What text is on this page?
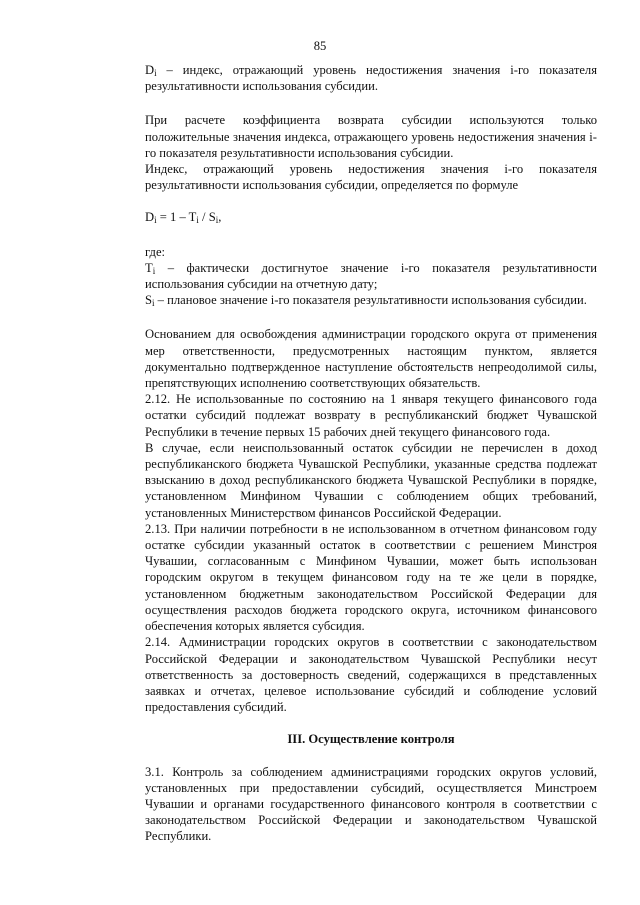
85

$D_i$ – индекс, отражающий уровень недостижения значения i-го показателя результативности использования субсидии.

При расчете коэффициента возврата субсидии используются только положительные значения индекса, отражающего уровень недостижения значения i-го показателя результативности использования субсидии.

Индекс, отражающий уровень недостижения значения i-го показателя результативности использования субсидии, определяется по формуле

$D_i = 1 - T_i / S_i$,

где:

$T_i$ – фактически достигнутое значение i-го показателя результативности использования субсидии на отчетную дату;

$S_i$ – плановое значение i-го показателя результативности использования субсидии.

Основанием для освобождения администрации городского округа от применения мер ответственности, предусмотренных настоящим пунктом, является документально подтвержденное наступление обстоятельств непреодолимой силы, препятствующих исполнению соответствующих обязательств.

2.12. Не использованные по состоянию на 1 января текущего финансового года остатки субсидий подлежат возврату в республиканский бюджет Чувашской Республики в течение первых 15 рабочих дней текущего финансового года.

В случае, если неиспользованный остаток субсидии не перечислен в доход республиканского бюджета Чувашской Республики, указанные средства подлежат взысканию в доход республиканского бюджета Чувашской Республики в порядке, установленном Минфином Чувашии с соблюдением общих требований, установленных Министерством финансов Российской Федерации.

2.13. При наличии потребности в не использованном в отчетном финансовом году остатке субсидии указанный остаток в соответствии с решением Минстроя Чувашии, согласованным с Минфином Чувашии, может быть использован городским округом в текущем финансовом году на те же цели в порядке, установленном бюджетным законодательством Российской Федерации для осуществления расходов бюджета городского округа, источником финансового обеспечения которых является субсидия.

2.14. Администрации городских округов в соответствии с законодательством Российской Федерации и законодательством Чувашской Республики несут ответственность за достоверность сведений, содержащихся в представленных заявках и отчетах, целевое использование субсидий и соблюдение условий предоставления субсидий.

III. Осуществление контроля

3.1. Контроль за соблюдением администрациями городских округов условий, установленных при предоставлении субсидий, осуществляется Минстроем Чувашии и органами государственного финансового контроля в соответствии с законодательством Российской Федерации и законодательством Чувашской Республики.
